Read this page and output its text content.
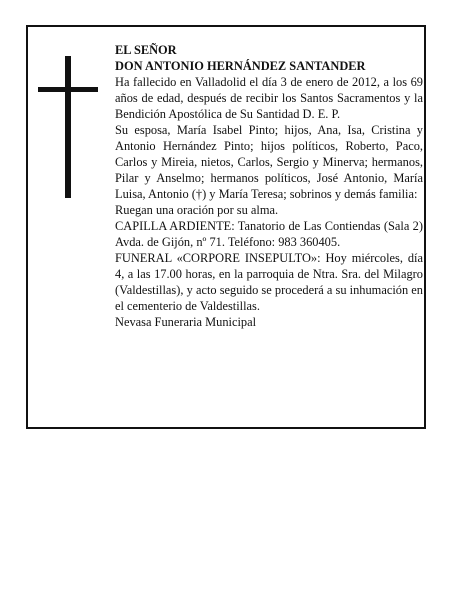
EL SEÑOR

DON ANTONIO HERNÁNDEZ SANTANDER

Ha fallecido en Valladolid el día 3 de enero de 2012, a los 69 años de edad, después de recibir los Santos Sacramentos y la Bendición Apostólica de Su Santidad D. E. P.

Su esposa, María Isabel Pinto; hijos, Ana, Isa, Cristina y Antonio Hernández Pinto; hijos políticos, Roberto, Paco, Carlos y Mireia, nietos, Carlos, Sergio y Minerva; hermanos, Pilar y Anselmo; hermanos políticos, José Antonio, María Luisa, Antonio (†) y María Teresa; sobrinos y demás familia:

Ruegan una oración por su alma.

CAPILLA ARDIENTE: Tanatorio de Las Contiendas (Sala 2) Avda. de Gijón, nº 71. Teléfono: 983 360405.

FUNERAL «CORPORE INSEPULTO»: Hoy miércoles, día 4, a las 17.00 horas, en la parroquia de Ntra. Sra. del Milagro (Valdestillas), y acto seguido se procederá a su inhumación en el cementerio de Valdestillas.

Nevasa Funeraria Municipal
